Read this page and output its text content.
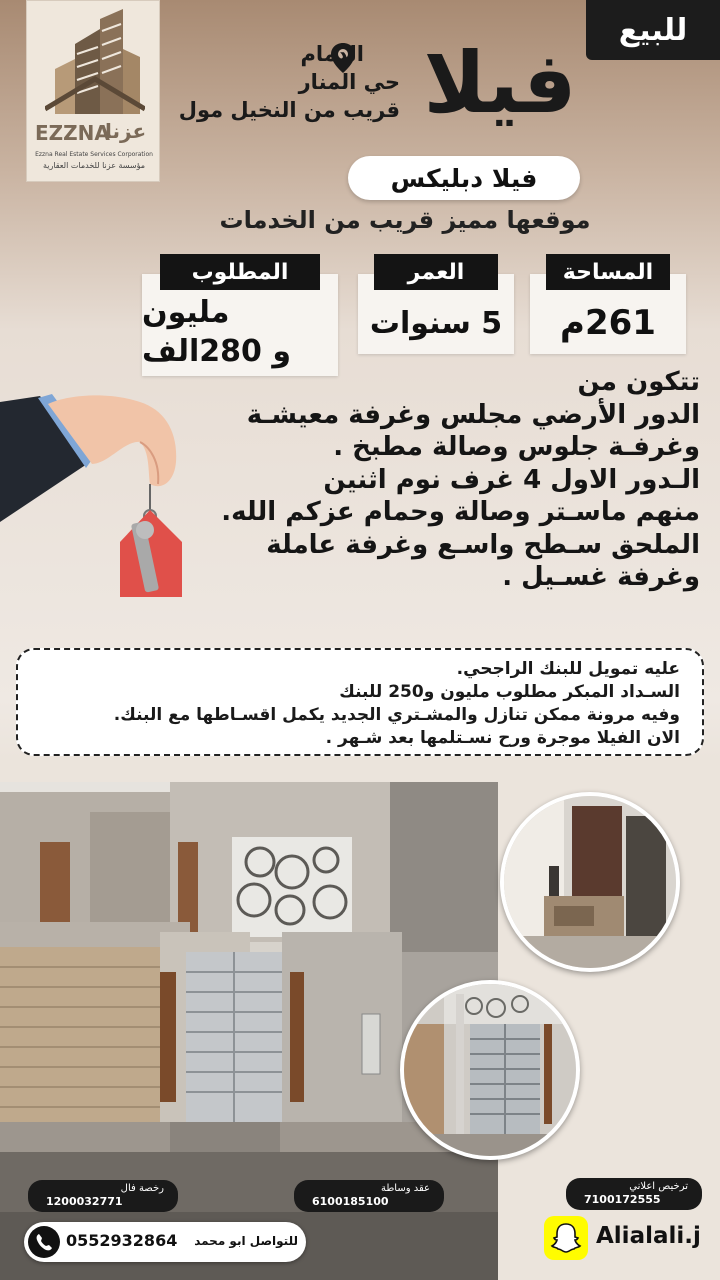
EZZNA
عزنا
Ezzna Real Estate Services Corporation
مؤسسة عزنا للخدمات العقارية
للبيع
فيلا
الدمام
حي المنار
قريب من النخيل مول
فيلا دبليكس
موقعها مميز قريب من الخدمات
261م
المساحة
5 سنوات
العمر
مليون
و 280الف
المطلوب
تتكون من
الدور الأرضي مجلس وغرفة معيشـة
وغرفـة جلوس وصالة مطبخ .
الـدور الاول 4 غرف نوم اثنين
منهم ماسـتر وصالة وحمام عزكم الله.
الملحق سـطح واسـع وغرفة عاملة
وغرفة غسـيل .
عليه تمويل للبنك الراجحي.
السـداد المبكر مطلوب مليون و250 للبنك
وفيه مرونة ممكن تنازل والمشـتري الجديد يكمل اقسـاطها مع البنك.
الان الفيلا موجرة ورح نسـتلمها بعد شـهر .
رخصة فال
1200032771
عقد وساطة
6100185100
ترخيص اعلاني
7100172555
0552932864 للتواصل ابو محمد	Alialali.j
